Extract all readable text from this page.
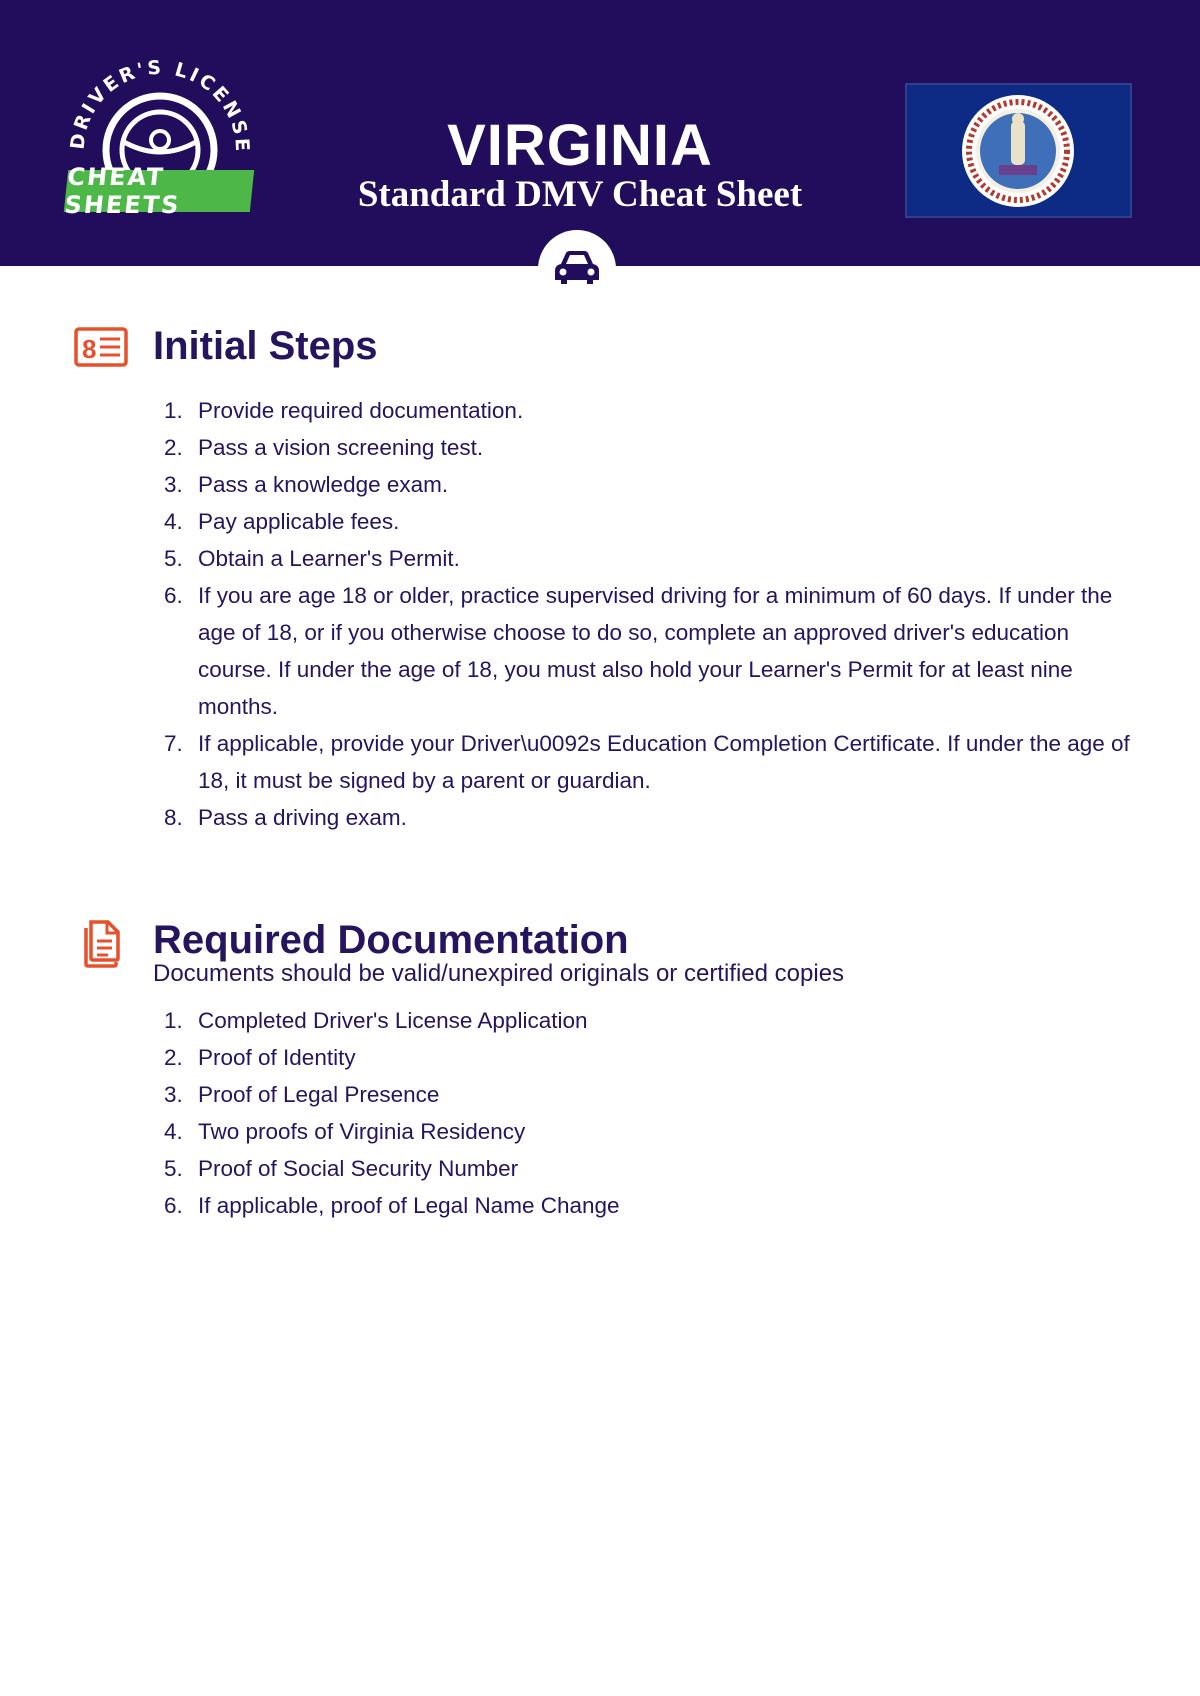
DRIVER'S LICENSE
CHEAT SHEETS
VIRGINIA
Standard DMV Cheat Sheet
8 Initial Steps
1. Provide required documentation.
2. Pass a vision screening test.
3. Pass a knowledge exam.
4. Pay applicable fees.
5. Obtain a Learner's Permit.
6. If you are age 18 or older, practice supervised driving for a minimum of 60 days. If under the age of 18, or if you otherwise choose to do so, complete an approved driver's education course. If under the age of 18, you must also hold your Learner's Permit for at least nine months.
7. If applicable, provide your Driver\u0092s Education Completion Certificate. If under the age of 18, it must be signed by a parent or guardian.
8. Pass a driving exam.
Required Documentation

Documents should be valid/unexpired originals or certified copies

1. Completed Driver's License Application
2. Proof of Identity
3. Proof of Legal Presence
4. Two proofs of Virginia Residency
5. Proof of Social Security Number
6. If applicable, proof of Legal Name Change
